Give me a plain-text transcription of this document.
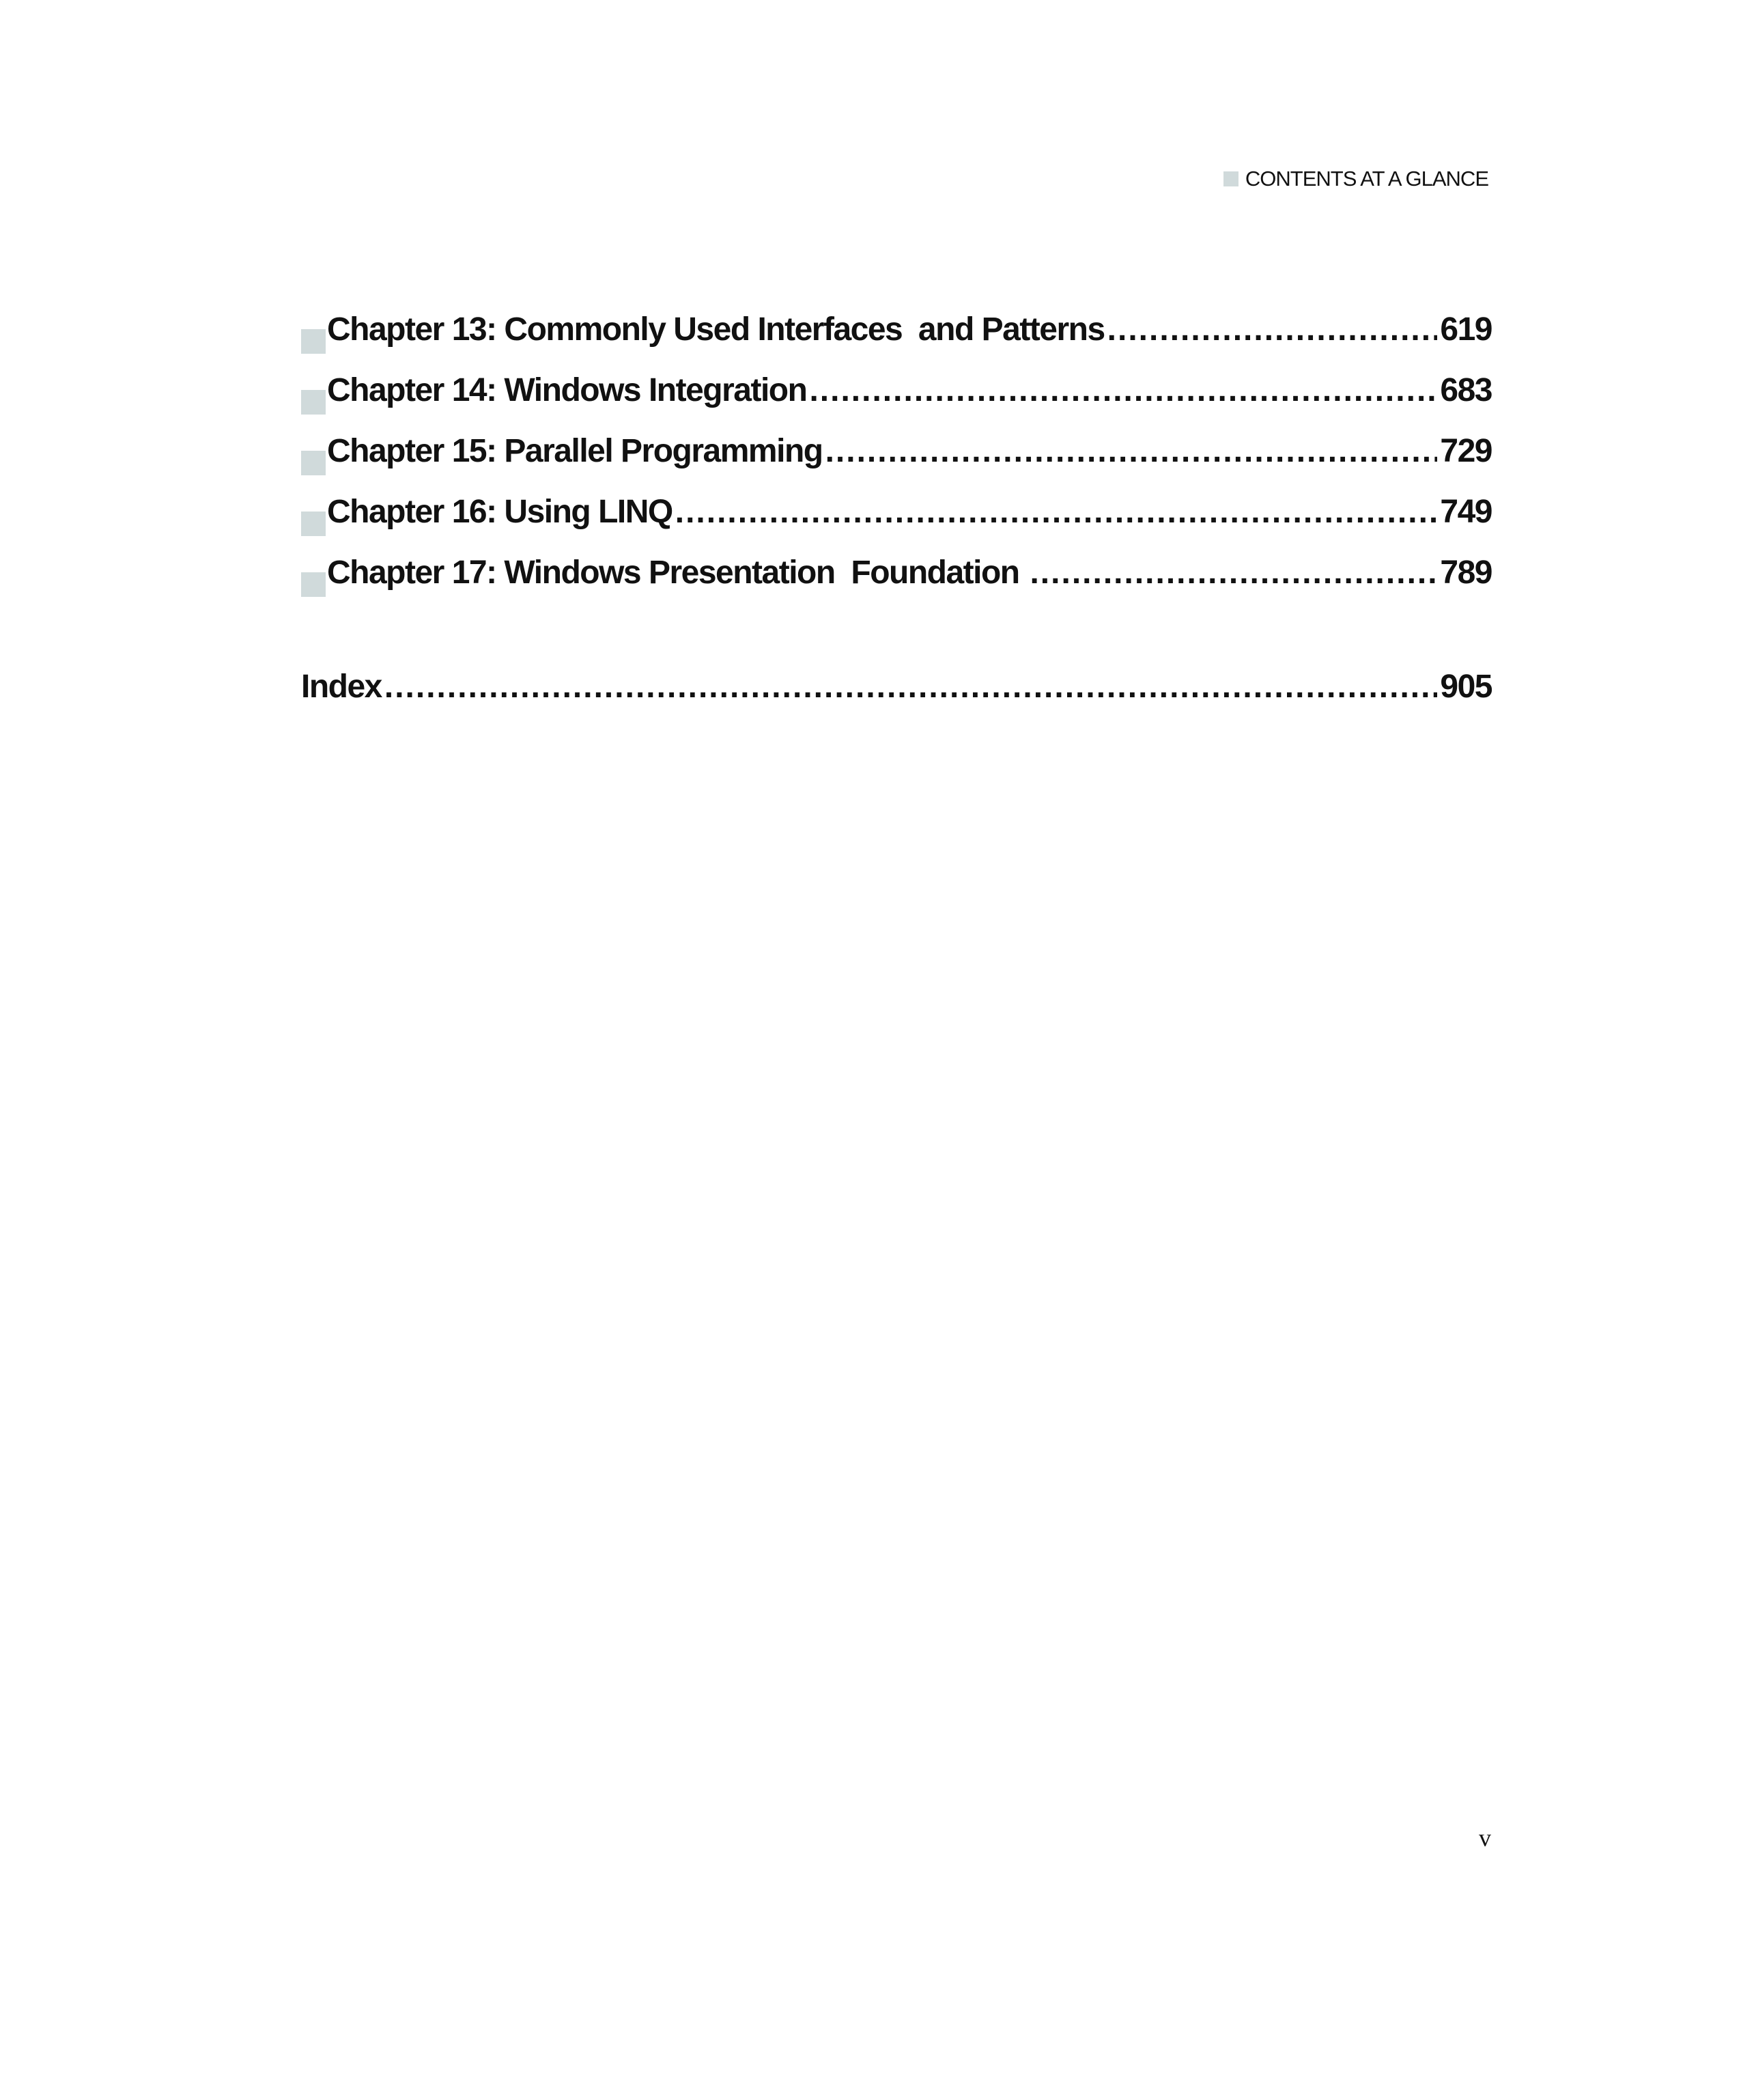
CONTENTS AT A GLANCE
Chapter 13: Commonly Used Interfaces  and Patterns .....	619
Chapter 14: Windows Integration .....	683
Chapter 15: Parallel Programming .....	729
Chapter 16: Using LINQ .....	749
Chapter 17: Windows Presentation  Foundation .....	789
Index .....	905
v
